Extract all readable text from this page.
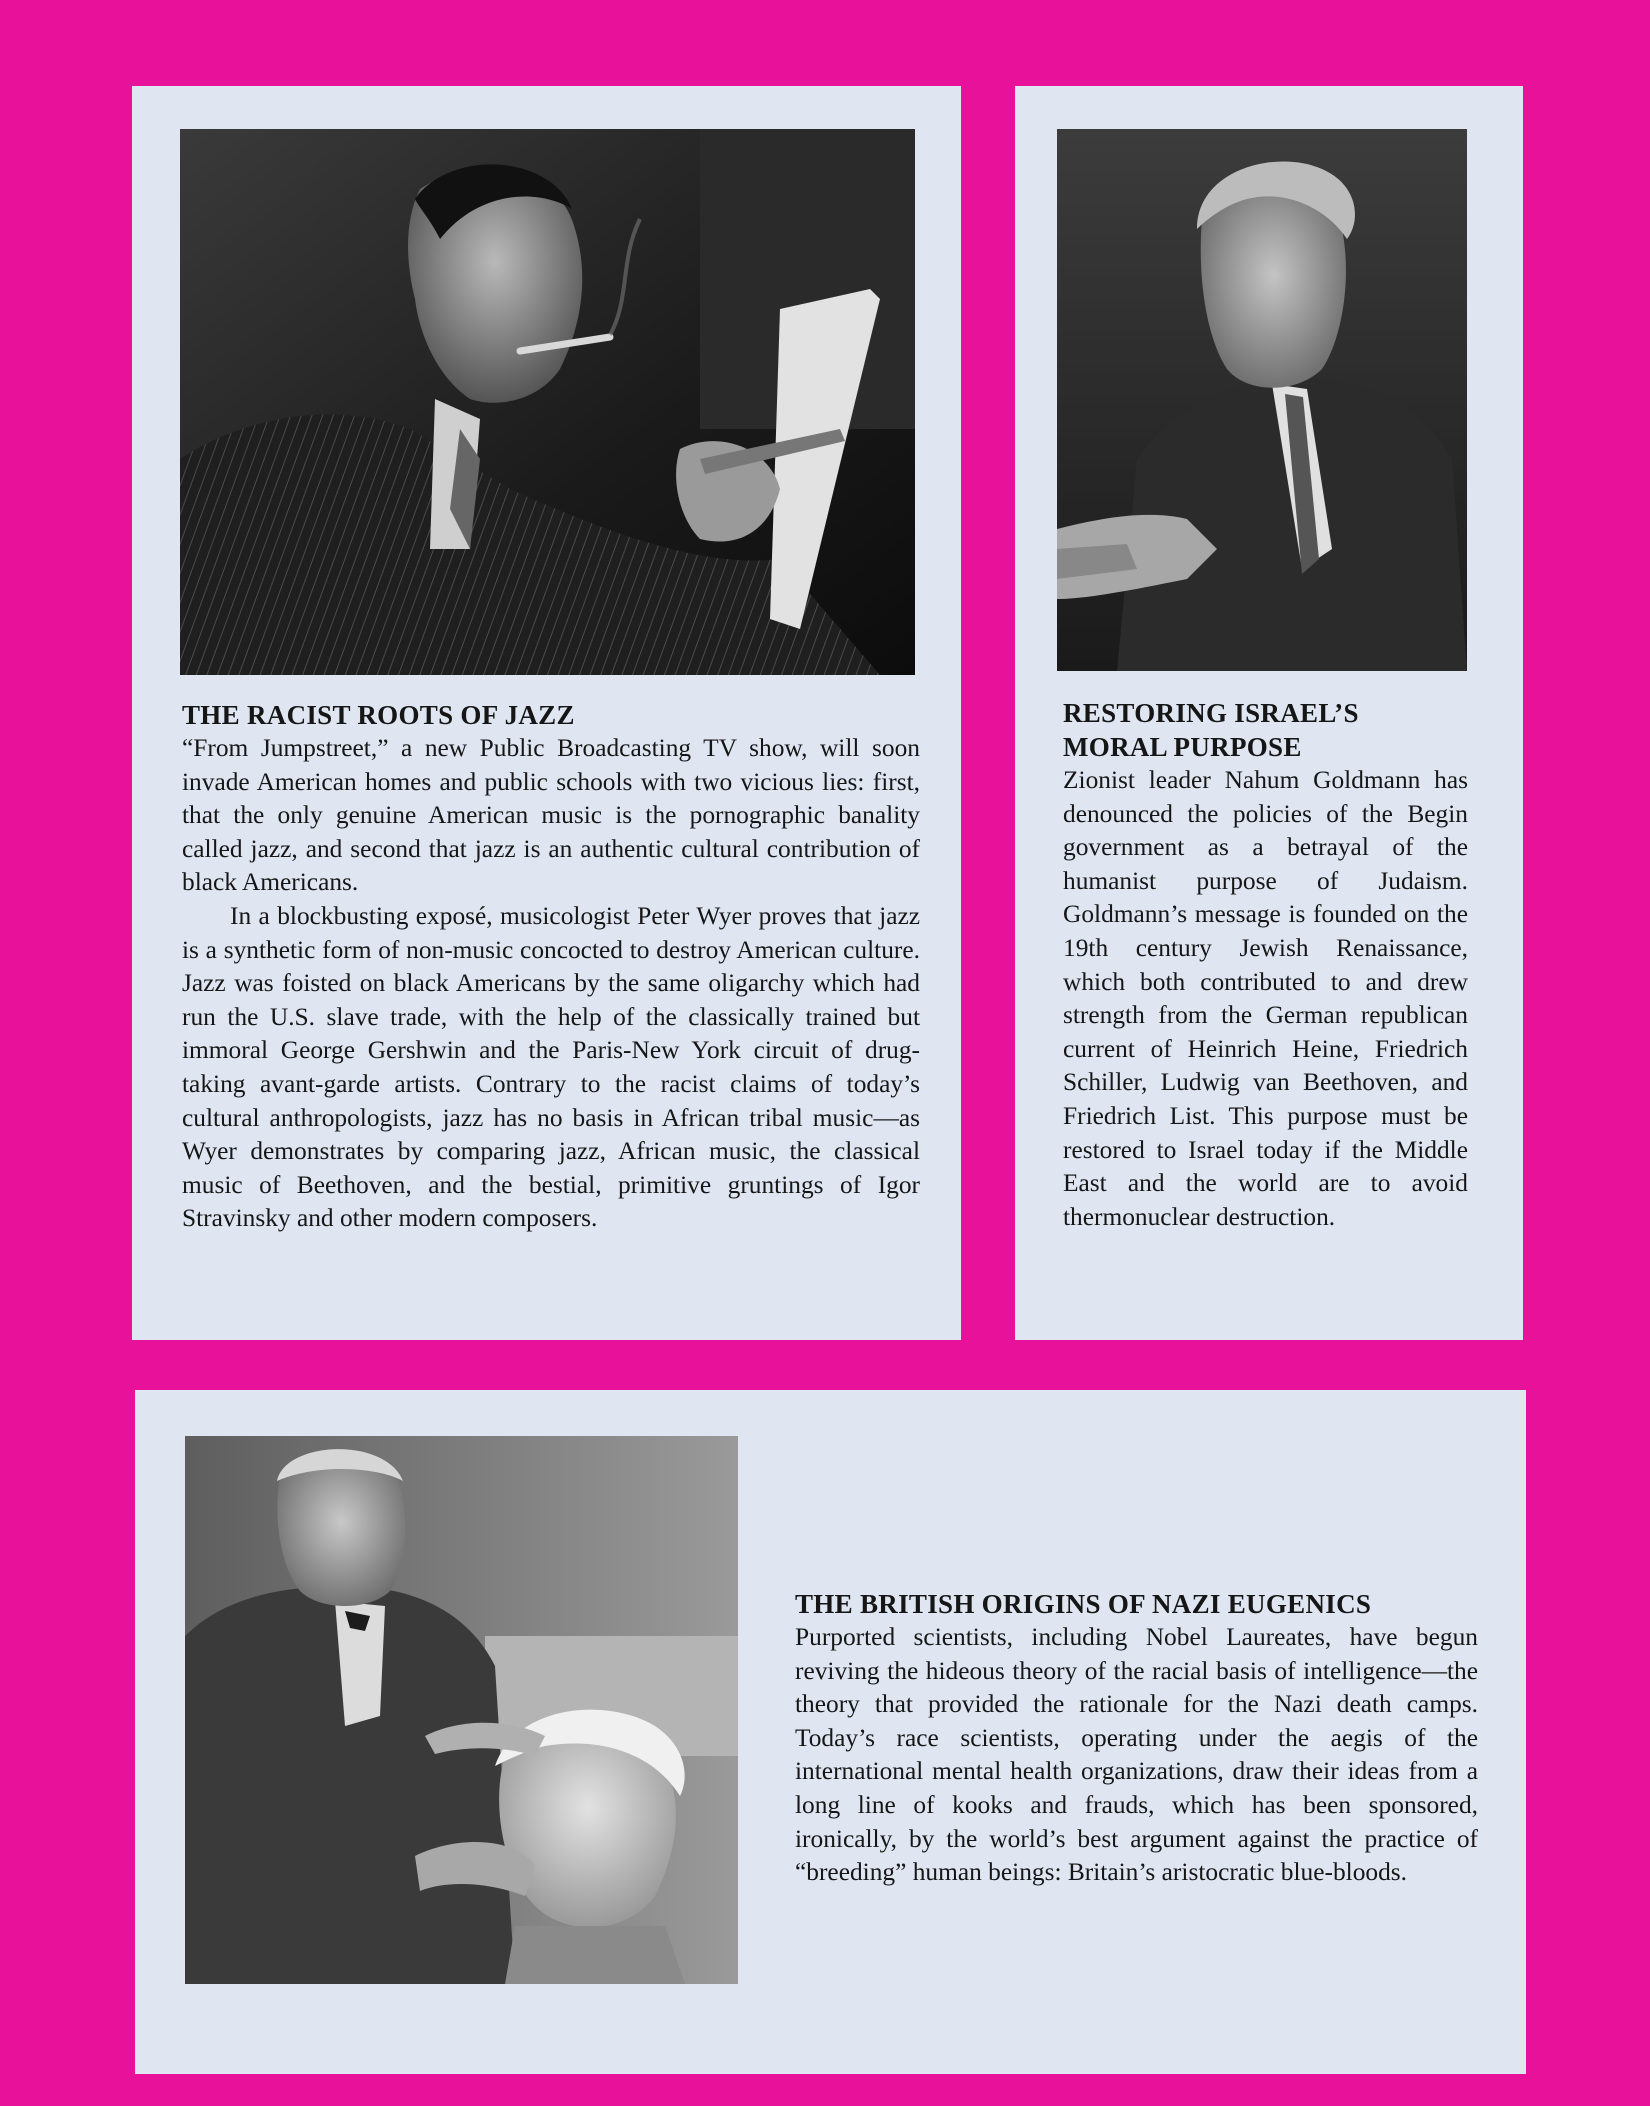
THE RACIST ROOTS OF JAZZ

“From Jumpstreet,” a new Public Broadcasting TV show, will soon invade American homes and public schools with two vicious lies: first, that the only genuine American music is the pornographic banality called jazz, and second that jazz is an authentic cultural contribution of black Americans.

In a blockbusting exposé, musicologist Peter Wyer proves that jazz is a synthetic form of non-music concocted to destroy American culture. Jazz was foisted on black Americans by the same oligarchy which had run the U.S. slave trade, with the help of the classically trained but immoral George Gershwin and the Paris-New York circuit of drug-taking avant-garde artists. Contrary to the racist claims of today’s cultural anthropologists, jazz has no basis in African tribal music—as Wyer demonstrates by comparing jazz, African music, the classical music of Beethoven, and the bestial, primitive gruntings of Igor Stravinsky and other modern composers.

RESTORING ISRAEL’S MORAL PURPOSE

Zionist leader Nahum Goldmann has denounced the policies of the Begin government as a betrayal of the humanist purpose of Judaism. Goldmann’s message is founded on the 19th century Jewish Renaissance, which both contributed to and drew strength from the German republican current of Heinrich Heine, Friedrich Schiller, Ludwig van Beethoven, and Friedrich List. This purpose must be restored to Israel today if the Middle East and the world are to avoid thermonuclear destruction.

THE BRITISH ORIGINS OF NAZI EUGENICS

Purported scientists, including Nobel Laureates, have begun reviving the hideous theory of the racial basis of intelligence—the theory that provided the rationale for the Nazi death camps. Today’s race scientists, operating under the aegis of the international mental health organizations, draw their ideas from a long line of kooks and frauds, which has been sponsored, ironically, by the world’s best argument against the practice of “breeding” human beings: Britain’s aristocratic blue-bloods.
